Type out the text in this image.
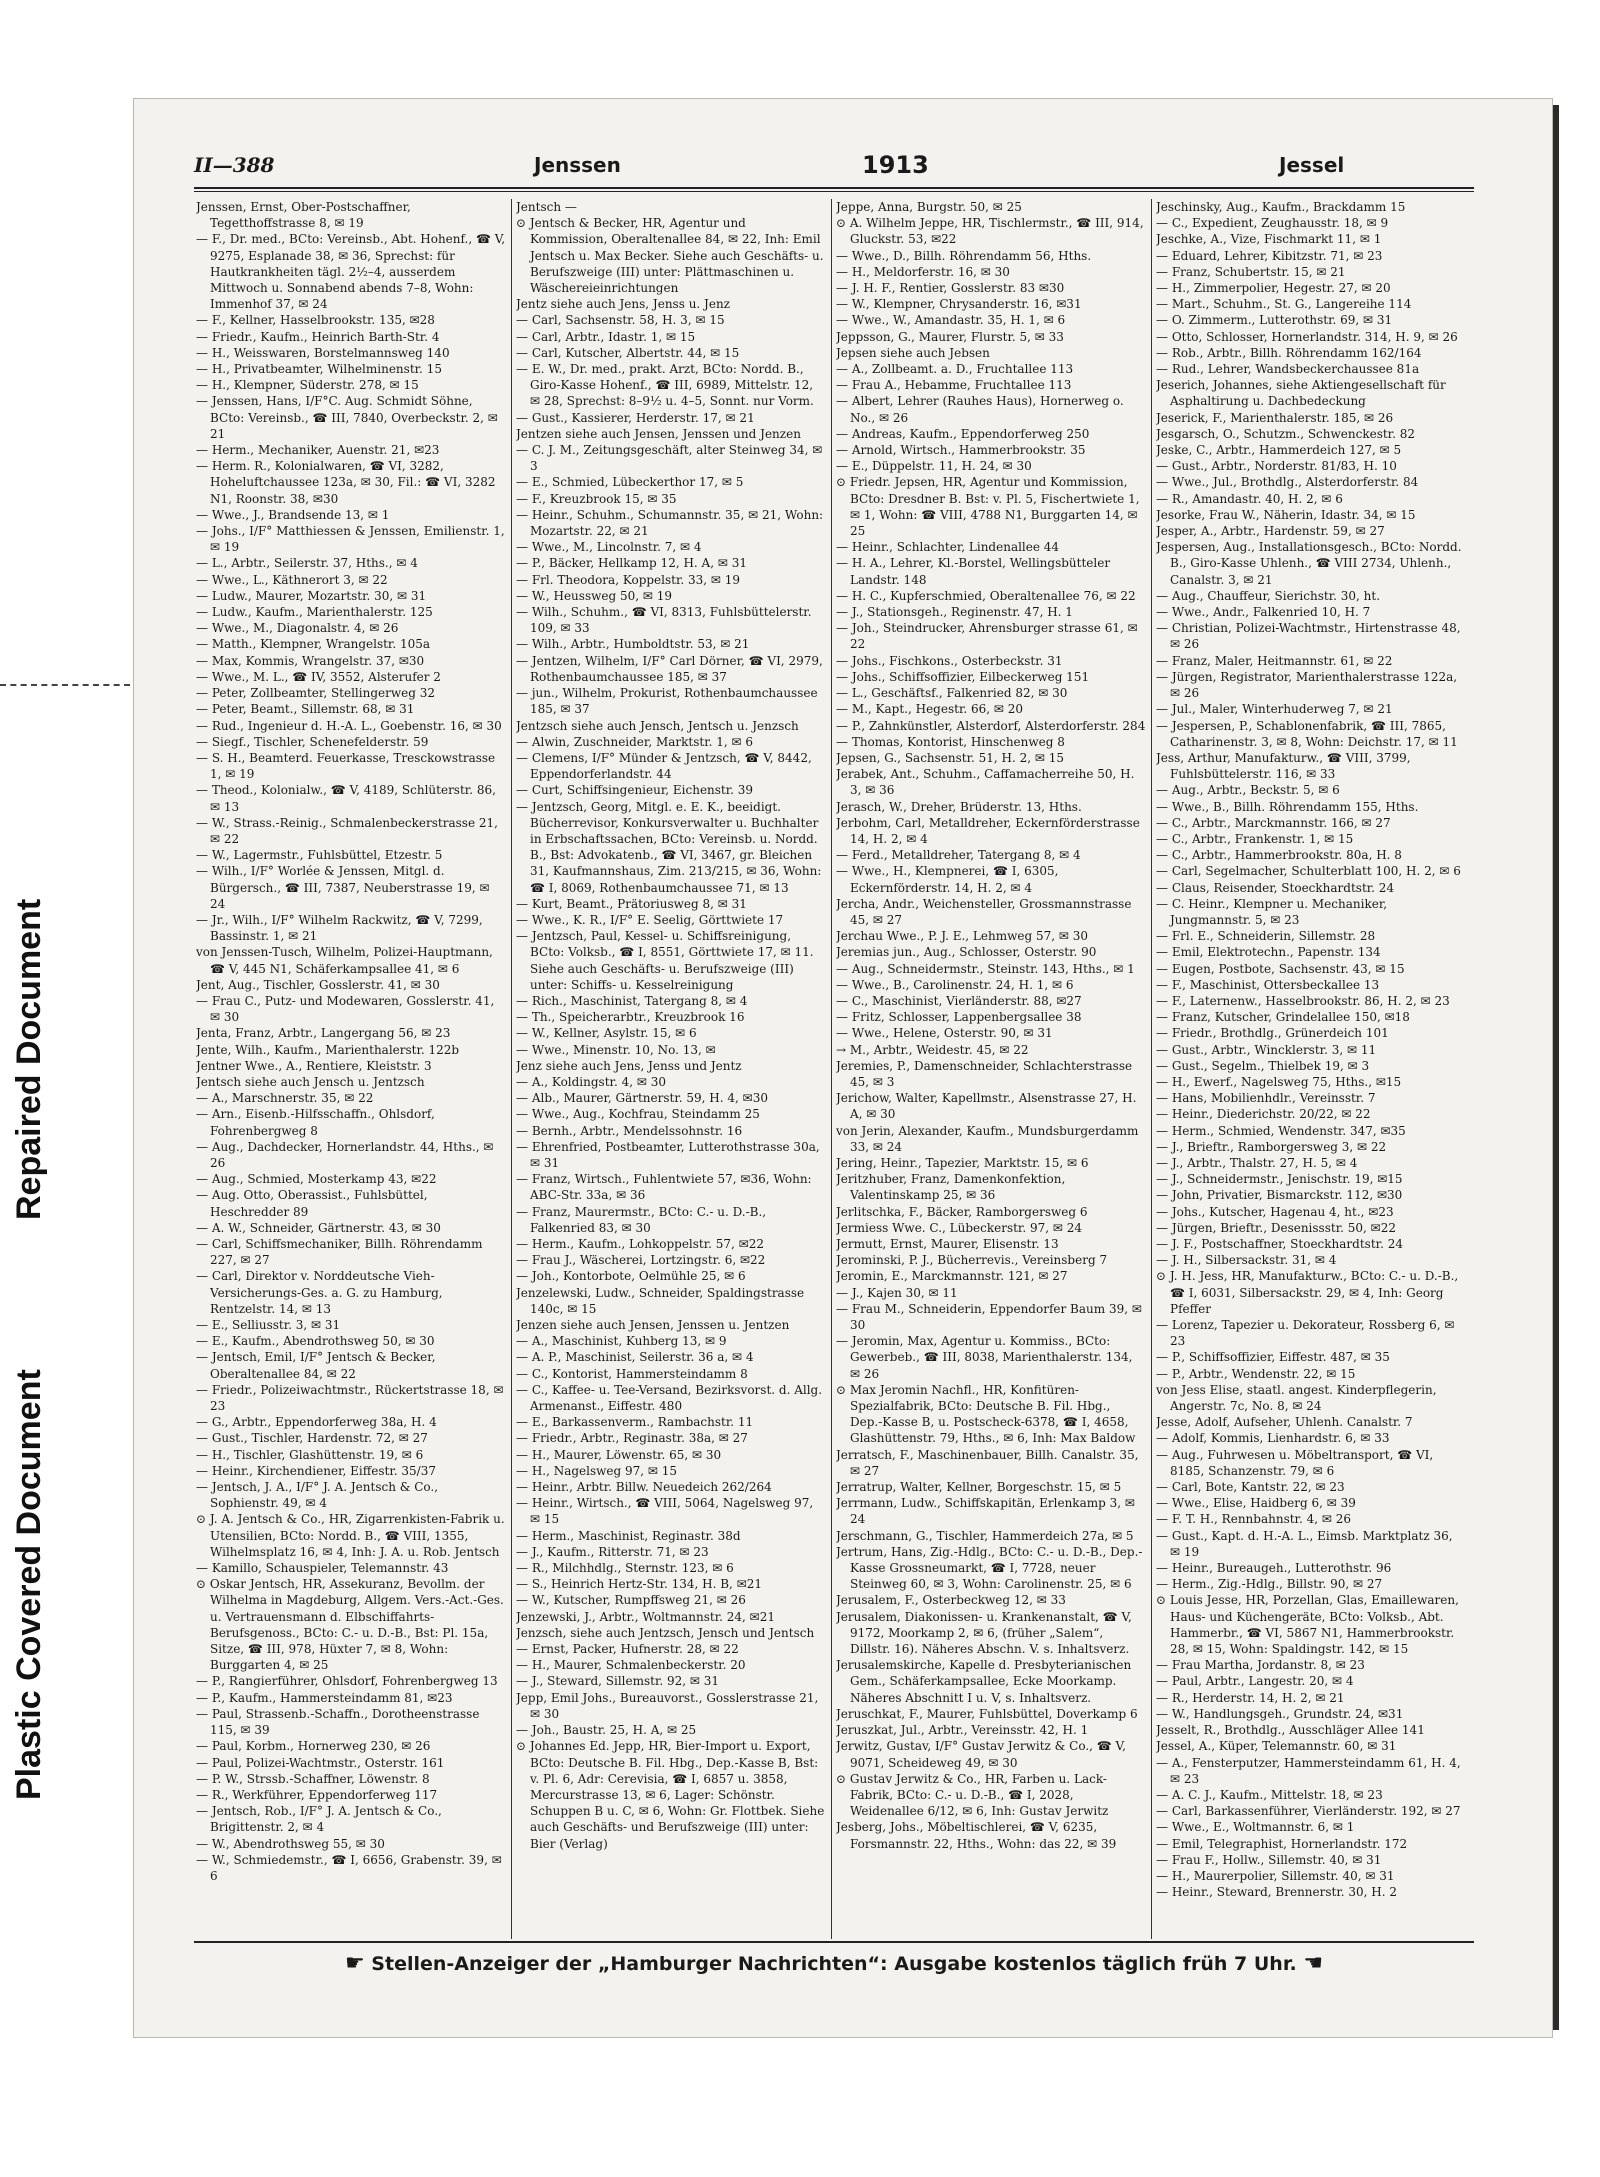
Repaired Document
Plastic Covered Document
II—388	Jenssen	1913	Jessel

Jenssen, Ernst, Ober-Postschaffner, Tegetthoffstrasse 8, ✉ 19

— F., Dr. med., BCto: Vereinsb., Abt. Hohenf., ☎ V, 9275, Esplanade 38, ✉ 36, Sprechst: für Hautkrankheiten tägl. 2½–4, ausserdem Mittwoch u. Sonnabend abends 7–8, Wohn: Immenhof 37, ✉ 24

— F., Kellner, Hasselbrookstr. 135, ✉28

— Friedr., Kaufm., Heinrich Barth-Str. 4

— H., Weisswaren, Borstelmannsweg 140

— H., Privatbeamter, Wilhelminenstr. 15

— H., Klempner, Süderstr. 278, ✉ 15

— Jenssen, Hans, I/F°C. Aug. Schmidt Söhne, BCto: Vereinsb., ☎ III, 7840, Overbeckstr. 2, ✉ 21

— Herm., Mechaniker, Auenstr. 21, ✉23

— Herm. R., Kolonialwaren, ☎ VI, 3282, Hoheluftchaussee 123a, ✉ 30, Fil.: ☎ VI, 3282 N1, Roonstr. 38, ✉30

— Wwe., J., Brandsende 13, ✉ 1

— Johs., I/F° Matthiessen & Jenssen, Emilienstr. 1, ✉ 19

— L., Arbtr., Seilerstr. 37, Hths., ✉ 4

— Wwe., L., Käthnerort 3, ✉ 22

— Ludw., Maurer, Mozartstr. 30, ✉ 31

— Ludw., Kaufm., Marienthalerstr. 125

— Wwe., M., Diagonalstr. 4, ✉ 26

— Matth., Klempner, Wrangelstr. 105a

— Max, Kommis, Wrangelstr. 37, ✉30

— Wwe., M. L., ☎ IV, 3552, Alsterufer 2

— Peter, Zollbeamter, Stellingerweg 32

— Peter, Beamt., Sillemstr. 68, ✉ 31

— Rud., Ingenieur d. H.-A. L., Goebenstr. 16, ✉ 30

— Siegf., Tischler, Schenefelderstr. 59

— S. H., Beamterd. Feuerkasse, Tresckowstrasse 1, ✉ 19

— Theod., Kolonialw., ☎ V, 4189, Schlüterstr. 86, ✉ 13

— W., Strass.-Reinig., Schmalenbeckerstrasse 21, ✉ 22

— W., Lagermstr., Fuhlsbüttel, Etzestr. 5

— Wilh., I/F° Worlée & Jenssen, Mitgl. d. Bürgersch., ☎ III, 7387, Neuberstrasse 19, ✉ 24

— Jr., Wilh., I/F° Wilhelm Rackwitz, ☎ V, 7299, Bassinstr. 1, ✉ 21

von Jenssen-Tusch, Wilhelm, Polizei-Hauptmann, ☎ V, 445 N1, Schäferkampsallee 41, ✉ 6

Jent, Aug., Tischler, Gosslerstr. 41, ✉ 30

— Frau C., Putz- und Modewaren, Gosslerstr. 41, ✉ 30

Jenta, Franz, Arbtr., Langergang 56, ✉ 23

Jente, Wilh., Kaufm., Marienthalerstr. 122b

Jentner Wwe., A., Rentiere, Kleiststr. 3

Jentsch siehe auch Jensch u. Jentzsch

— A., Marschnerstr. 35, ✉ 22

— Arn., Eisenb.-Hilfsschaffn., Ohlsdorf, Fohrenbergweg 8

— Aug., Dachdecker, Hornerlandstr. 44, Hths., ✉ 26

— Aug., Schmied, Mosterkamp 43, ✉22

— Aug. Otto, Oberassist., Fuhlsbüttel, Heschredder 89

— A. W., Schneider, Gärtnerstr. 43, ✉ 30

— Carl, Schiffsmechaniker, Billh. Röhrendamm 227, ✉ 27

— Carl, Direktor v. Norddeutsche Vieh-Versicherungs-Ges. a. G. zu Hamburg, Rentzelstr. 14, ✉ 13

— E., Selliusstr. 3, ✉ 31

— E., Kaufm., Abendrothsweg 50, ✉ 30

— Jentsch, Emil, I/F° Jentsch & Becker, Oberaltenallee 84, ✉ 22

— Friedr., Polizeiwachtmstr., Rückertstrasse 18, ✉ 23

— G., Arbtr., Eppendorferweg 38a, H. 4

— Gust., Tischler, Hardenstr. 72, ✉ 27

— H., Tischler, Glashüttenstr. 19, ✉ 6

— Heinr., Kirchendiener, Eiffestr. 35/37

— Jentsch, J. A., I/F° J. A. Jentsch & Co., Sophienstr. 49, ✉ 4

⊙ J. A. Jentsch & Co., HR, Zigarrenkisten-Fabrik u. Utensilien, BCto: Nordd. B., ☎ VIII, 1355, Wilhelmsplatz 16, ✉ 4, Inh: J. A. u. Rob. Jentsch

— Kamillo, Schauspieler, Telemannstr. 43

⊙ Oskar Jentsch, HR, Assekuranz, Bevollm. der Wilhelma in Magdeburg, Allgem. Vers.-Act.-Ges. u. Vertrauensmann d. Elbschiffahrts-Berufsgenoss., BCto: C.- u. D.-B., Bst: Pl. 15a, Sitze, ☎ III, 978, Hüxter 7, ✉ 8, Wohn: Burggarten 4, ✉ 25

— P., Rangierführer, Ohlsdorf, Fohrenbergweg 13

— P., Kaufm., Hammersteindamm 81, ✉23

— Paul, Strassenb.-Schaffn., Dorotheenstrasse 115, ✉ 39

— Paul, Korbm., Hornerweg 230, ✉ 26

— Paul, Polizei-Wachtmstr., Osterstr. 161

— P. W., Strssb.-Schaffner, Löwenstr. 8

— R., Werkführer, Eppendorferweg 117

— Jentsch, Rob., I/F° J. A. Jentsch & Co., Brigittenstr. 2, ✉ 4

— W., Abendrothsweg 55, ✉ 30

— W., Schmiedemstr., ☎ I, 6656, Grabenstr. 39, ✉ 6

Jentsch —

⊙ Jentsch & Becker, HR, Agentur und Kommission, Oberaltenallee 84, ✉ 22, Inh: Emil Jentsch u. Max Becker. Siehe auch Geschäfts- u. Berufszweige (III) unter: Plättmaschinen u. Wäschereieinrichtungen

Jentz siehe auch Jens, Jenss u. Jenz

— Carl, Sachsenstr. 58, H. 3, ✉ 15

— Carl, Arbtr., Idastr. 1, ✉ 15

— Carl, Kutscher, Albertstr. 44, ✉ 15

— E. W., Dr. med., prakt. Arzt, BCto: Nordd. B., Giro-Kasse Hohenf., ☎ III, 6989, Mittelstr. 12, ✉ 28, Sprechst: 8–9½ u. 4–5, Sonnt. nur Vorm.

— Gust., Kassierer, Herderstr. 17, ✉ 21

Jentzen siehe auch Jensen, Jenssen und Jenzen

— C. J. M., Zeitungsgeschäft, alter Steinweg 34, ✉ 3

— E., Schmied, Lübeckerthor 17, ✉ 5

— F., Kreuzbrook 15, ✉ 35

— Heinr., Schuhm., Schumannstr. 35, ✉ 21, Wohn: Mozartstr. 22, ✉ 21

— Wwe., M., Lincolnstr. 7, ✉ 4

— P., Bäcker, Hellkamp 12, H. A, ✉ 31

— Frl. Theodora, Koppelstr. 33, ✉ 19

— W., Heussweg 50, ✉ 19

— Wilh., Schuhm., ☎ VI, 8313, Fuhlsbüttelerstr. 109, ✉ 33

— Wilh., Arbtr., Humboldtstr. 53, ✉ 21

— Jentzen, Wilhelm, I/F° Carl Dörner, ☎ VI, 2979, Rothenbaumchaussee 185, ✉ 37

— jun., Wilhelm, Prokurist, Rothenbaumchaussee 185, ✉ 37

Jentzsch siehe auch Jensch, Jentsch u. Jenzsch

— Alwin, Zuschneider, Marktstr. 1, ✉ 6

— Clemens, I/F° Münder & Jentzsch, ☎ V, 8442, Eppendorferlandstr. 44

— Curt, Schiffsingenieur, Eichenstr. 39

— Jentzsch, Georg, Mitgl. e. E. K., beeidigt. Bücherrevisor, Konkursverwalter u. Buchhalter in Erbschaftssachen, BCto: Vereinsb. u. Nordd. B., Bst: Advokatenb., ☎ VI, 3467, gr. Bleichen 31, Kaufmannshaus, Zim. 213/215, ✉ 36, Wohn: ☎ I, 8069, Rothenbaumchaussee 71, ✉ 13

— Kurt, Beamt., Prätoriusweg 8, ✉ 31

— Wwe., K. R., I/F° E. Seelig, Görttwiete 17

— Jentzsch, Paul, Kessel- u. Schiffsreinigung, BCto: Volksb., ☎ I, 8551, Görttwiete 17, ✉ 11. Siehe auch Geschäfts- u. Berufszweige (III) unter: Schiffs- u. Kesselreinigung

— Rich., Maschinist, Tatergang 8, ✉ 4

— Th., Speicherarbtr., Kreuzbrook 16

— W., Kellner, Asylstr. 15, ✉ 6

— Wwe., Minenstr. 10, No. 13, ✉

Jenz siehe auch Jens, Jenss und Jentz

— A., Koldingstr. 4, ✉ 30

— Alb., Maurer, Gärtnerstr. 59, H. 4, ✉30

— Wwe., Aug., Kochfrau, Steindamm 25

— Bernh., Arbtr., Mendelssohnstr. 16

— Ehrenfried, Postbeamter, Lutterothstrasse 30a, ✉ 31

— Franz, Wirtsch., Fuhlentwiete 57, ✉36, Wohn: ABC-Str. 33a, ✉ 36

— Franz, Maurermstr., BCto: C.- u. D.-B., Falkenried 83, ✉ 30

— Herm., Kaufm., Lohkoppelstr. 57, ✉22

— Frau J., Wäscherei, Lortzingstr. 6, ✉22

— Joh., Kontorbote, Oelmühle 25, ✉ 6

Jenzelewski, Ludw., Schneider, Spaldingstrasse 140c, ✉ 15

Jenzen siehe auch Jensen, Jenssen u. Jentzen

— A., Maschinist, Kuhberg 13, ✉ 9

— A. P., Maschinist, Seilerstr. 36 a, ✉ 4

— C., Kontorist, Hammersteindamm 8

— C., Kaffee- u. Tee-Versand, Bezirksvorst. d. Allg. Armenanst., Eiffestr. 480

— E., Barkassenverm., Rambachstr. 11

— Friedr., Arbtr., Reginastr. 38a, ✉ 27

— H., Maurer, Löwenstr. 65, ✉ 30

— H., Nagelsweg 97, ✉ 15

— Heinr., Arbtr. Billw. Neuedeich 262/264

— Heinr., Wirtsch., ☎ VIII, 5064, Nagelsweg 97, ✉ 15

— Herm., Maschinist, Reginastr. 38d

— J., Kaufm., Ritterstr. 71, ✉ 23

— R., Milchhdlg., Sternstr. 123, ✉ 6

— S., Heinrich Hertz-Str. 134, H. B, ✉21

— W., Kutscher, Rumpffsweg 21, ✉ 26

Jenzewski, J., Arbtr., Woltmannstr. 24, ✉21

Jenzsch, siehe auch Jentzsch, Jensch und Jentsch

— Ernst, Packer, Hufnerstr. 28, ✉ 22

— H., Maurer, Schmalenbeckerstr. 20

— J., Steward, Sillemstr. 92, ✉ 31

Jepp, Emil Johs., Bureauvorst., Gosslerstrasse 21, ✉ 30

— Joh., Baustr. 25, H. A, ✉ 25

⊙ Johannes Ed. Jepp, HR, Bier-Import u. Export, BCto: Deutsche B. Fil. Hbg., Dep.-Kasse B, Bst: v. Pl. 6, Adr: Cerevisia, ☎ I, 6857 u. 3858, Mercurstrasse 13, ✉ 6, Lager: Schönstr. Schuppen B u. C, ✉ 6, Wohn: Gr. Flottbek. Siehe auch Geschäfts- und Berufszweige (III) unter: Bier (Verlag)

Jeppe, Anna, Burgstr. 50, ✉ 25

⊙ A. Wilhelm Jeppe, HR, Tischlermstr., ☎ III, 914, Gluckstr. 53, ✉22

— Wwe., D., Billh. Röhrendamm 56, Hths.

— H., Meldorferstr. 16, ✉ 30

— J. H. F., Rentier, Gosslerstr. 83 ✉30

— W., Klempner, Chrysanderstr. 16, ✉31

— Wwe., W., Amandastr. 35, H. 1, ✉ 6

Jeppsson, G., Maurer, Flurstr. 5, ✉ 33

Jepsen siehe auch Jebsen

— A., Zollbeamt. a. D., Fruchtallee 113

— Frau A., Hebamme, Fruchtallee 113

— Albert, Lehrer (Rauhes Haus), Hornerweg o. No., ✉ 26

— Andreas, Kaufm., Eppendorferweg 250

— Arnold, Wirtsch., Hammerbrookstr. 35

— E., Düppelstr. 11, H. 24, ✉ 30

⊙ Friedr. Jepsen, HR, Agentur und Kommission, BCto: Dresdner B. Bst: v. Pl. 5, Fischertwiete 1, ✉ 1, Wohn: ☎ VIII, 4788 N1, Burggarten 14, ✉25

— Heinr., Schlachter, Lindenallee 44

— H. A., Lehrer, Kl.-Borstel, Wellingsbütteler Landstr. 148

— H. C., Kupferschmied, Oberaltenallee 76, ✉ 22

— J., Stationsgeh., Reginenstr. 47, H. 1

— Joh., Steindrucker, Ahrensburger strasse 61, ✉ 22

— Johs., Fischkons., Osterbeckstr. 31

— Johs., Schiffsoffizier, Eilbeckerweg 151

— L., Geschäftsf., Falkenried 82, ✉ 30

— M., Kapt., Hegestr. 66, ✉ 20

— P., Zahnkünstler, Alsterdorf, Alsterdorferstr. 284

— Thomas, Kontorist, Hinschenweg 8

Jepsen, G., Sachsenstr. 51, H. 2, ✉ 15

Jerabek, Ant., Schuhm., Caffamacherreihe 50, H. 3, ✉ 36

Jerasch, W., Dreher, Brüderstr. 13, Hths.

Jerbohm, Carl, Metalldreher, Eckernförderstrasse 14, H. 2, ✉ 4

— Ferd., Metalldreher, Tatergang 8, ✉ 4

— Wwe., H., Klempnerei, ☎ I, 6305, Eckernförderstr. 14, H. 2, ✉ 4

Jercha, Andr., Weichensteller, Grossmannstrasse 45, ✉ 27

Jerchau Wwe., P. J. E., Lehmweg 57, ✉ 30

Jeremias jun., Aug., Schlosser, Osterstr. 90

— Aug., Schneidermstr., Steinstr. 143, Hths., ✉ 1

— Wwe., B., Carolinenstr. 24, H. 1, ✉ 6

— C., Maschinist, Vierländerstr. 88, ✉27

— Fritz, Schlosser, Lappenbergsallee 38

— Wwe., Helene, Osterstr. 90, ✉ 31

→ M., Arbtr., Weidestr. 45, ✉ 22

Jeremies, P., Damenschneider, Schlachterstrasse 45, ✉ 3

Jerichow, Walter, Kapellmstr., Alsenstrasse 27, H. A, ✉ 30

von Jerin, Alexander, Kaufm., Mundsburgerdamm 33, ✉ 24

Jering, Heinr., Tapezier, Marktstr. 15, ✉ 6

Jeritzhuber, Franz, Damenkonfektion, Valentinskamp 25, ✉ 36

Jerlitschka, F., Bäcker, Ramborgersweg 6

Jermiess Wwe. C., Lübeckerstr. 97, ✉ 24

Jermutt, Ernst, Maurer, Elisenstr. 13

Jerominski, P. J., Bücherrevis., Vereinsberg 7

Jeromin, E., Marckmannstr. 121, ✉ 27

— J., Kajen 30, ✉ 11

— Frau M., Schneiderin, Eppendorfer Baum 39, ✉ 30

— Jeromin, Max, Agentur u. Kommiss., BCto: Gewerbeb., ☎ III, 8038, Marienthalerstr. 134, ✉ 26

⊙ Max Jeromin Nachfl., HR, Konfitüren-Spezialfabrik, BCto: Deutsche B. Fil. Hbg., Dep.-Kasse B, u. Postscheck-6378, ☎ I, 4658, Glashüttenstr. 79, Hths., ✉ 6, Inh: Max Baldow

Jerratsch, F., Maschinenbauer, Billh. Canalstr. 35, ✉ 27

Jerratrup, Walter, Kellner, Borgeschstr. 15, ✉ 5

Jerrmann, Ludw., Schiffskapitän, Erlenkamp 3, ✉ 24

Jerschmann, G., Tischler, Hammerdeich 27a, ✉ 5

Jertrum, Hans, Zig.-Hdlg., BCto: C.- u. D.-B., Dep.-Kasse Grossneumarkt, ☎ I, 7728, neuer Steinweg 60, ✉ 3, Wohn: Carolinenstr. 25, ✉ 6

Jerusalem, F., Osterbeckweg 12, ✉ 33

Jerusalem, Diakonissen- u. Krankenanstalt, ☎ V, 9172, Moorkamp 2, ✉ 6, (früher „Salem“, Dillstr. 16). Näheres Abschn. V. s. Inhaltsverz.

Jerusalemskirche, Kapelle d. Presbyterianischen Gem., Schäferkampsallee, Ecke Moorkamp. Näheres Abschnitt I u. V, s. Inhaltsverz.

Jeruschkat, F., Maurer, Fuhlsbüttel, Doverkamp 6

Jeruszkat, Jul., Arbtr., Vereinsstr. 42, H. 1

Jerwitz, Gustav, I/F° Gustav Jerwitz & Co., ☎ V, 9071, Scheideweg 49, ✉ 30

⊙ Gustav Jerwitz & Co., HR, Farben u. Lack-Fabrik, BCto: C.- u. D.-B., ☎ I, 2028, Weidenallee 6/12, ✉ 6, Inh: Gustav Jerwitz

Jesberg, Johs., Möbeltischlerei, ☎ V, 6235, Forsmannstr. 22, Hths., Wohn: das 22, ✉ 39

Jeschinsky, Aug., Kaufm., Brackdamm 15

— C., Expedient, Zeughausstr. 18, ✉ 9

Jeschke, A., Vize, Fischmarkt 11, ✉ 1

— Eduard, Lehrer, Kibitzstr. 71, ✉ 23

— Franz, Schubertstr. 15, ✉ 21

— H., Zimmerpolier, Hegestr. 27, ✉ 20

— Mart., Schuhm., St. G., Langereihe 114

— O. Zimmerm., Lutterothstr. 69, ✉ 31

— Otto, Schlosser, Hornerlandstr. 314, H. 9, ✉ 26

— Rob., Arbtr., Billh. Röhrendamm 162/164

— Rud., Lehrer, Wandsbeckerchaussee 81a

Jeserich, Johannes, siehe Aktiengesellschaft für Asphaltirung u. Dachbedeckung

Jeserick, F., Marienthalerstr. 185, ✉ 26

Jesgarsch, O., Schutzm., Schwenckestr. 82

Jeske, C., Arbtr., Hammerdeich 127, ✉ 5

— Gust., Arbtr., Norderstr. 81/83, H. 10

— Wwe., Jul., Brothdlg., Alsterdorferstr. 84

— R., Amandastr. 40, H. 2, ✉ 6

Jesorke, Frau W., Näherin, Idastr. 34, ✉ 15

Jesper, A., Arbtr., Hardenstr. 59, ✉ 27

Jespersen, Aug., Installationsgesch., BCto: Nordd. B., Giro-Kasse Uhlenh., ☎ VIII 2734, Uhlenh., Canalstr. 3, ✉ 21

— Aug., Chauffeur, Sierichstr. 30, ht.

— Wwe., Andr., Falkenried 10, H. 7

— Christian, Polizei-Wachtmstr., Hirtenstrasse 48, ✉ 26

— Franz, Maler, Heitmannstr. 61, ✉ 22

— Jürgen, Registrator, Marienthalerstrasse 122a, ✉ 26

— Jul., Maler, Winterhuderweg 7, ✉ 21

— Jespersen, P., Schablonenfabrik, ☎ III, 7865, Catharinenstr. 3, ✉ 8, Wohn: Deichstr. 17, ✉ 11

Jess, Arthur, Manufakturw., ☎ VIII, 3799, Fuhlsbüttelerstr. 116, ✉ 33

— Aug., Arbtr., Beckstr. 5, ✉ 6

— Wwe., B., Billh. Röhrendamm 155, Hths.

— C., Arbtr., Marckmannstr. 166, ✉ 27

— C., Arbtr., Frankenstr. 1, ✉ 15

— C., Arbtr., Hammerbrookstr. 80a, H. 8

— Carl, Segelmacher, Schulterblatt 100, H. 2, ✉ 6

— Claus, Reisender, Stoeckhardtstr. 24

— C. Heinr., Klempner u. Mechaniker, Jungmannstr. 5, ✉ 23

— Frl. E., Schneiderin, Sillemstr. 28

— Emil, Elektrotechn., Papenstr. 134

— Eugen, Postbote, Sachsenstr. 43, ✉ 15

— F., Maschinist, Ottersbeckallee 13

— F., Laternenw., Hasselbrookstr. 86, H. 2, ✉ 23

— Franz, Kutscher, Grindelallee 150, ✉18

— Friedr., Brothdlg., Grünerdeich 101

— Gust., Arbtr., Wincklerstr. 3, ✉ 11

— Gust., Segelm., Thielbek 19, ✉ 3

— H., Ewerf., Nagelsweg 75, Hths., ✉15

— Hans, Mobilienhdlr., Vereinsstr. 7

— Heinr., Diederichstr. 20/22, ✉ 22

— Herm., Schmied, Wendenstr. 347, ✉35

— J., Brieftr., Ramborgersweg 3, ✉ 22

— J., Arbtr., Thalstr. 27, H. 5, ✉ 4

— J., Schneidermstr., Jenischstr. 19, ✉15

— John, Privatier, Bismarckstr. 112, ✉30

— Johs., Kutscher, Hagenau 4, ht., ✉23

— Jürgen, Brieftr., Desenissstr. 50, ✉22

— J. F., Postschaffner, Stoeckhardtstr. 24

— J. H., Silbersackstr. 31, ✉ 4

⊙ J. H. Jess, HR, Manufakturw., BCto: C.- u. D.-B., ☎ I, 6031, Silbersackstr. 29, ✉ 4, Inh: Georg Pfeffer

— Lorenz, Tapezier u. Dekorateur, Rossberg 6, ✉ 23

— P., Schiffsoffizier, Eiffestr. 487, ✉ 35

— P., Arbtr., Wendenstr. 22, ✉ 15

von Jess Elise, staatl. angest. Kinderpflegerin, Angerstr. 7c, No. 8, ✉ 24

Jesse, Adolf, Aufseher, Uhlenh. Canalstr. 7

— Adolf, Kommis, Lienhardstr. 6, ✉ 33

— Aug., Fuhrwesen u. Möbeltransport, ☎ VI, 8185, Schanzenstr. 79, ✉ 6

— Carl, Bote, Kantstr. 22, ✉ 23

— Wwe., Elise, Haidberg 6, ✉ 39

— F. T. H., Rennbahnstr. 4, ✉ 26

— Gust., Kapt. d. H.-A. L., Eimsb. Marktplatz 36, ✉ 19

— Heinr., Bureaugeh., Lutterothstr. 96

— Herm., Zig.-Hdlg., Billstr. 90, ✉ 27

⊙ Louis Jesse, HR, Porzellan, Glas, Emaillewaren, Haus- und Küchengeräte, BCto: Volksb., Abt. Hammerbr., ☎ VI, 5867 N1, Hammerbrookstr. 28, ✉ 15, Wohn: Spaldingstr. 142, ✉ 15

— Frau Martha, Jordanstr. 8, ✉ 23

— Paul, Arbtr., Langestr. 20, ✉ 4

— R., Herderstr. 14, H. 2, ✉ 21

— W., Handlungsgeh., Grundstr. 24, ✉31

Jesselt, R., Brothdlg., Ausschläger Allee 141

Jessel, A., Küper, Telemannstr. 60, ✉ 31

— A., Fensterputzer, Hammersteindamm 61, H. 4, ✉ 23

— A. C. J., Kaufm., Mittelstr. 18, ✉ 23

— Carl, Barkassenführer, Vierländerstr. 192, ✉ 27

— Wwe., E., Woltmannstr. 6, ✉ 1

— Emil, Telegraphist, Hornerlandstr. 172

— Frau F., Hollw., Sillemstr. 40, ✉ 31

— H., Maurerpolier, Sillemstr. 40, ✉ 31

— Heinr., Steward, Brennerstr. 30, H. 2

☛ Stellen-Anzeiger der „Hamburger Nachrichten“: Ausgabe kostenlos täglich früh 7 Uhr. ☚
